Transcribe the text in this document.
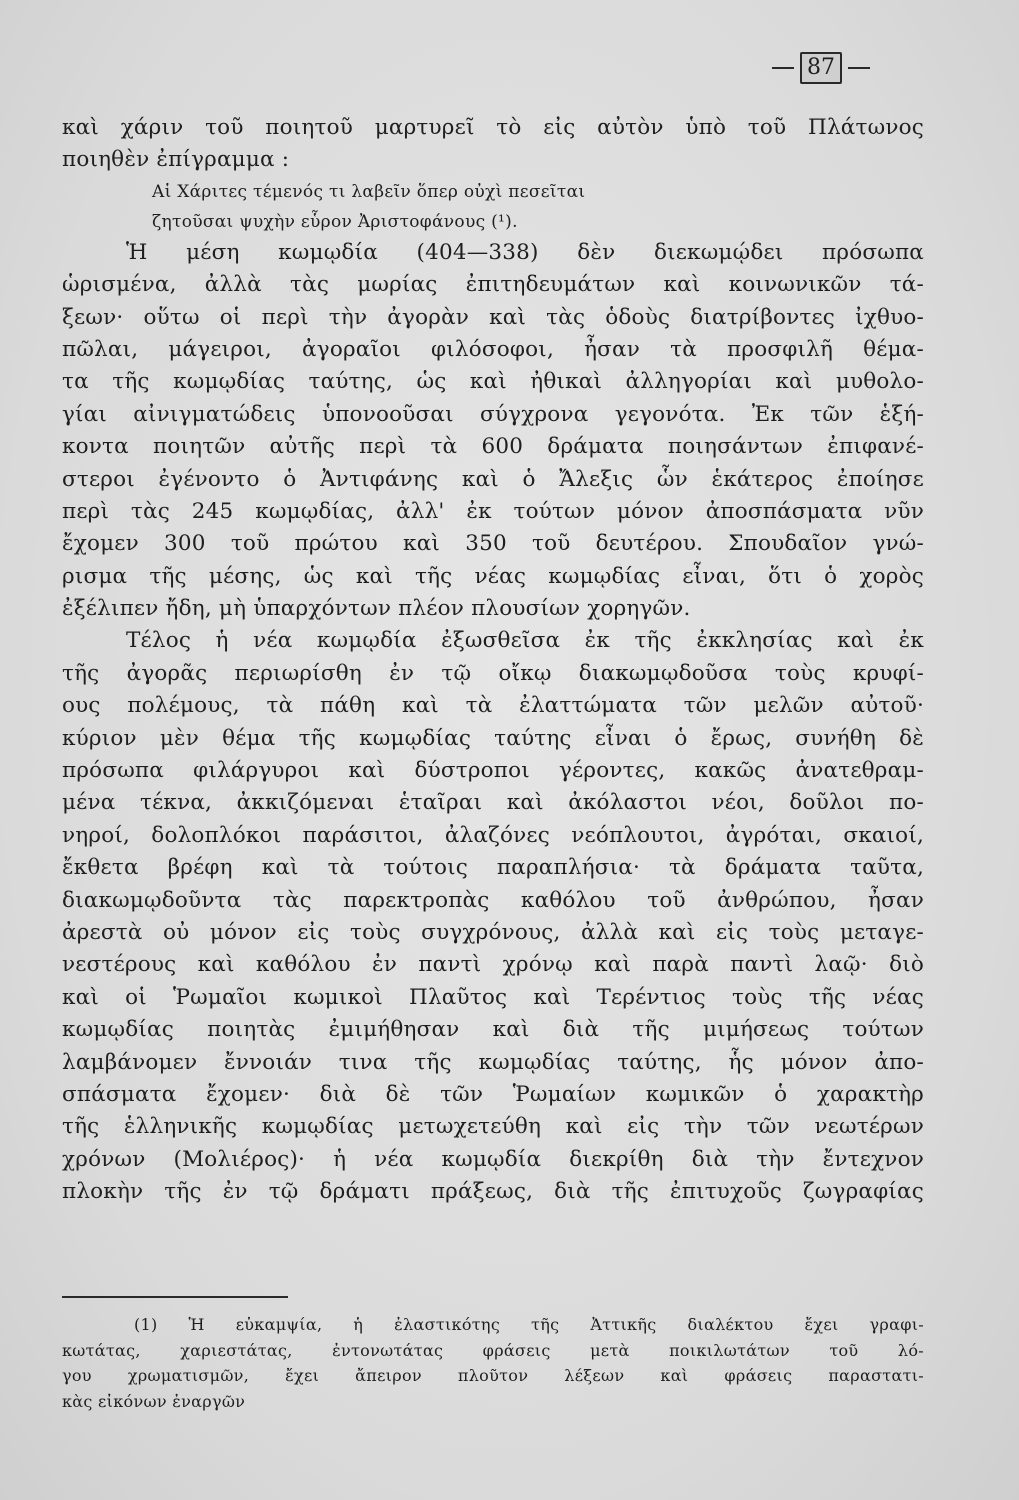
87
καὶ χάριν τοῦ ποιητοῦ μαρτυρεῖ τὸ εἰς αὐτὸν ὑπὸ τοῦ Πλάτωνος
ποιηθὲν ἐπίγραμμα :
Αἱ Χάριτες τέμενός τι λαβεῖν ὅπερ οὐχὶ πεσεῖται
ζητοῦσαι ψυχὴν εὗρον Ἀριστοφάνους (¹).
Ἡ μέση κωμῳδία (404—338) δὲν διεκωμῴδει πρόσωπα
ὡρισμένα, ἀλλὰ τὰς μωρίας ἐπιτηδευμάτων καὶ κοινωνικῶν τά-
ξεων· οὕτω οἱ περὶ τὴν ἀγορὰν καὶ τὰς ὁδοὺς διατρίβοντες ἰχθυο-
πῶλαι, μάγειροι, ἀγοραῖοι φιλόσοφοι, ἦσαν τὰ προσφιλῆ θέμα-
τα τῆς κωμῳδίας ταύτης, ὡς καὶ ἠθικαὶ ἀλληγορίαι καὶ μυθολο-
γίαι αἰνιγματώδεις ὑπονοοῦσαι σύγχρονα γεγονότα. Ἐκ τῶν ἑξή-
κοντα ποιητῶν αὐτῆς περὶ τὰ 600 δράματα ποιησάντων ἐπιφανέ-
στεροι ἐγένοντο ὁ Ἀντιφάνης καὶ ὁ Ἄλεξις ὧν ἑκάτερος ἐποίησε
περὶ τὰς 245 κωμῳδίας, ἀλλ' ἐκ τούτων μόνον ἀποσπάσματα νῦν
ἔχομεν 300 τοῦ πρώτου καὶ 350 τοῦ δευτέρου. Σπουδαῖον γνώ-
ρισμα τῆς μέσης, ὡς καὶ τῆς νέας κωμῳδίας εἶναι, ὅτι ὁ χορὸς
ἐξέλιπεν ἤδη, μὴ ὑπαρχόντων πλέον πλουσίων χορηγῶν.
Τέλος ἡ νέα κωμῳδία ἐξωσθεῖσα ἐκ τῆς ἐκκλησίας καὶ ἐκ
τῆς ἀγορᾶς περιωρίσθη ἐν τῷ οἴκῳ διακωμῳδοῦσα τοὺς κρυφί-
ους πολέμους, τὰ πάθη καὶ τὰ ἐλαττώματα τῶν μελῶν αὐτοῦ·
κύριον μὲν θέμα τῆς κωμῳδίας ταύτης εἶναι ὁ ἔρως, συνήθη δὲ
πρόσωπα φιλάργυροι καὶ δύστροποι γέροντες, κακῶς ἀνατεθραμ-
μένα τέκνα, ἀκκιζόμεναι ἑταῖραι καὶ ἀκόλαστοι νέοι, δοῦλοι πο-
νηροί, δολοπλόκοι παράσιτοι, ἀλαζόνες νεόπλουτοι, ἀγρόται, σκαιοί,
ἔκθετα βρέφη καὶ τὰ τούτοις παραπλήσια· τὰ δράματα ταῦτα,
διακωμῳδοῦντα τὰς παρεκτροπὰς καθόλου τοῦ ἀνθρώπου, ἦσαν
ἀρεστὰ οὐ μόνον εἰς τοὺς συγχρόνους, ἀλλὰ καὶ εἰς τοὺς μεταγε-
νεστέρους καὶ καθόλου ἐν παντὶ χρόνῳ καὶ παρὰ παντὶ λαῷ· διὸ
καὶ οἱ Ῥωμαῖοι κωμικοὶ Πλαῦτος καὶ Τερέντιος τοὺς τῆς νέας
κωμῳδίας ποιητὰς ἐμιμήθησαν καὶ διὰ τῆς μιμήσεως τούτων
λαμβάνομεν ἔννοιάν τινα τῆς κωμῳδίας ταύτης, ἧς μόνον ἀπο-
σπάσματα ἔχομεν· διὰ δὲ τῶν Ῥωμαίων κωμικῶν ὁ χαρακτὴρ
τῆς ἑλληνικῆς κωμῳδίας μετωχετεύθη καὶ εἰς τὴν τῶν νεωτέρων
χρόνων (Μολιέρος)· ἡ νέα κωμῳδία διεκρίθη διὰ τὴν ἔντεχνον
πλοκὴν τῆς ἐν τῷ δράματι πράξεως, διὰ τῆς ἐπιτυχοῦς ζωγραφίας
(1) Ἡ εὐκαμψία, ἡ ἐλαστικότης τῆς Ἀττικῆς διαλέκτου ἔχει γραφι-
κωτάτας, χαριεστάτας, ἐντονωτάτας φράσεις μετὰ ποικιλωτάτων τοῦ λό-
γου χρωματισμῶν, ἔχει ἄπειρον πλοῦτον λέξεων καὶ φράσεις παραστατι-
κὰς εἰκόνων ἐναργῶν
